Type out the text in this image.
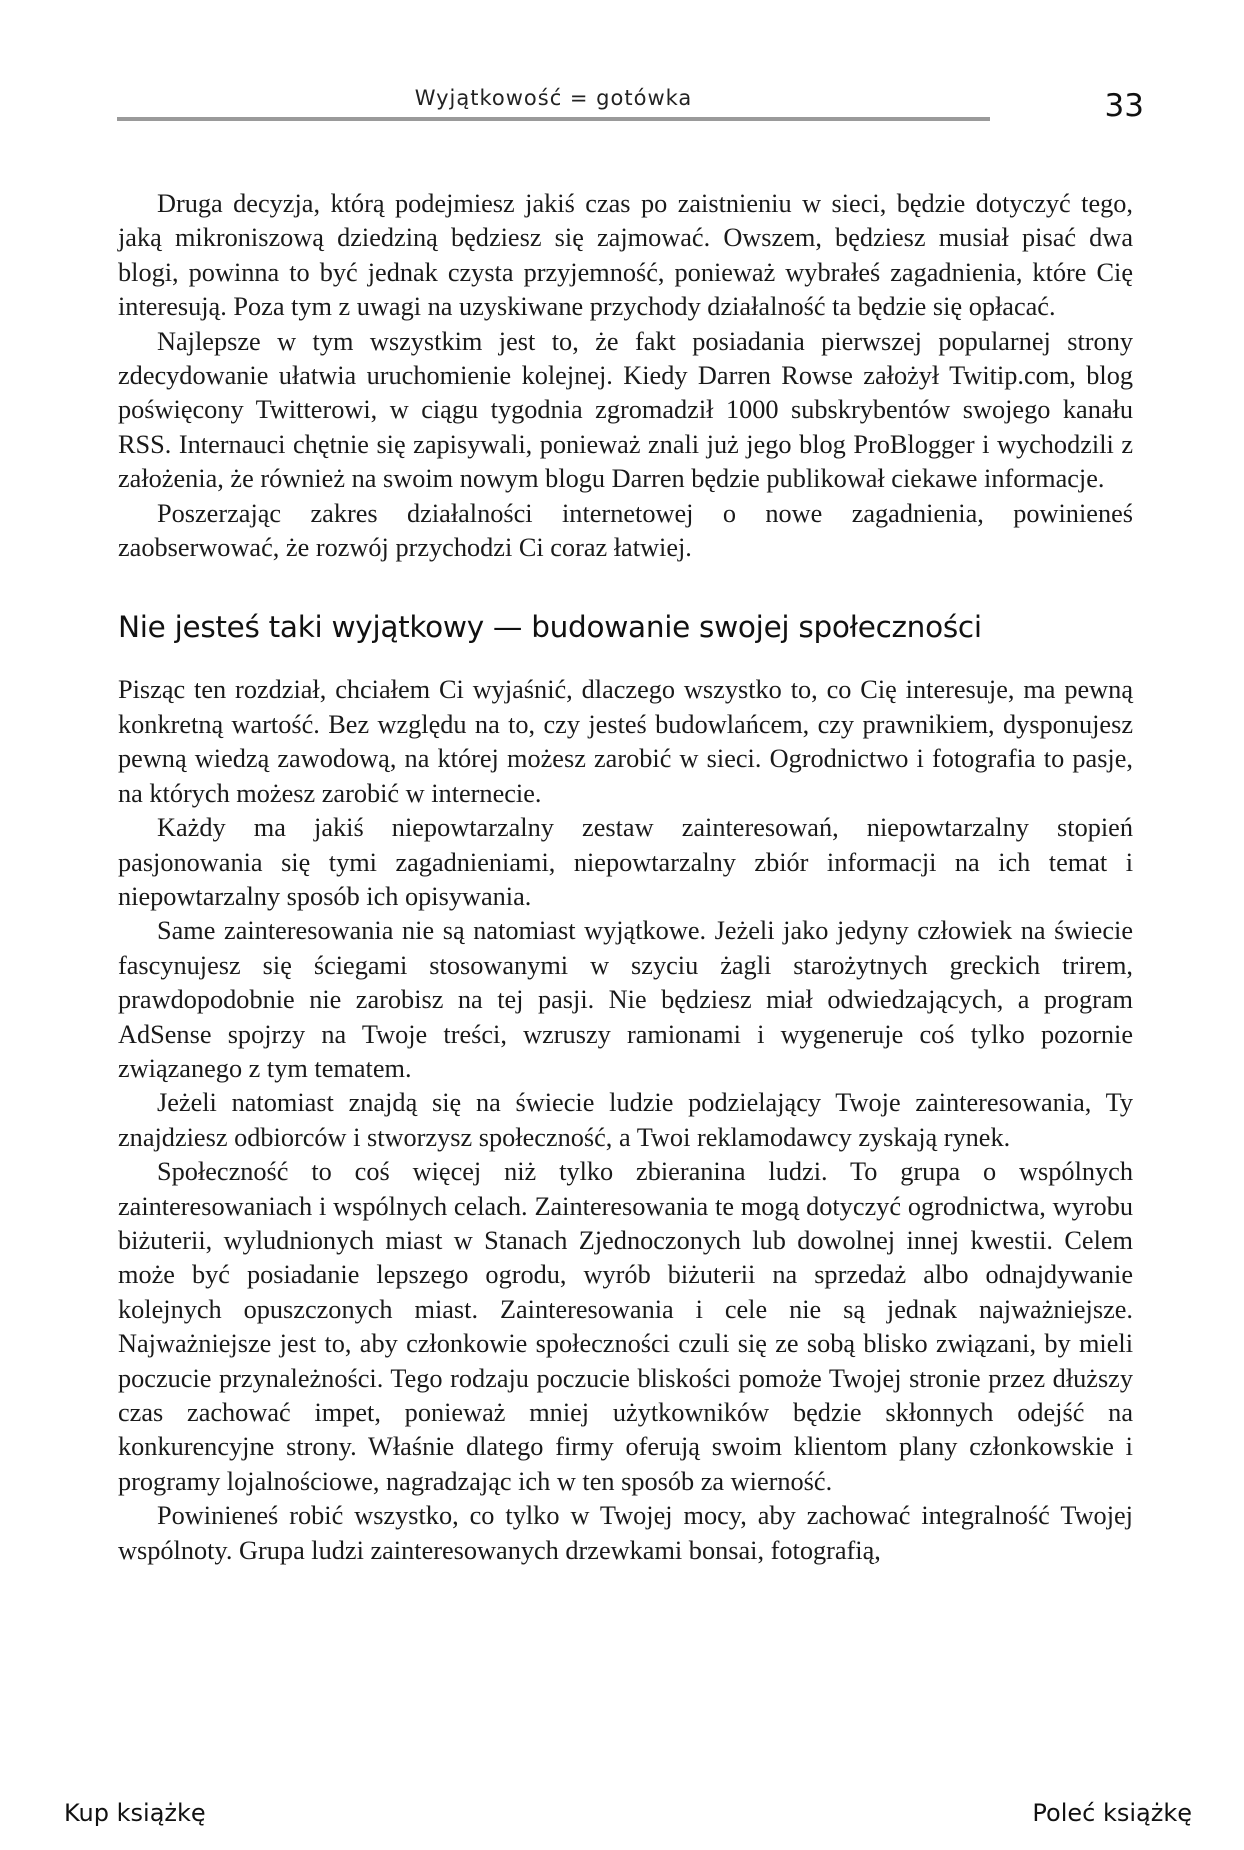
Wyjątkowość = gotówka	33

Druga decyzja, którą podejmiesz jakiś czas po zaistnieniu w sieci, będzie dotyczyć tego, jaką mikroniszową dziedziną będziesz się zajmować. Owszem, będziesz musiał pisać dwa blogi, powinna to być jednak czysta przyjemność, ponieważ wybrałeś zagadnienia, które Cię interesują. Poza tym z uwagi na uzyskiwane przychody działalność ta będzie się opłacać.

Najlepsze w tym wszystkim jest to, że fakt posiadania pierwszej popularnej strony zdecydowanie ułatwia uruchomienie kolejnej. Kiedy Darren Rowse założył Twitip.com, blog poświęcony Twitterowi, w ciągu tygodnia zgromadził 1000 subskrybentów swojego kanału RSS. Internauci chętnie się zapisywali, ponieważ znali już jego blog ProBlogger i wychodzili z założenia, że również na swoim nowym blogu Darren będzie publikował ciekawe informacje.

Poszerzając zakres działalności internetowej o nowe zagadnienia, powinieneś zaobserwować, że rozwój przychodzi Ci coraz łatwiej.

Nie jesteś taki wyjątkowy — budowanie swojej społeczności

Pisząc ten rozdział, chciałem Ci wyjaśnić, dlaczego wszystko to, co Cię interesuje, ma pewną konkretną wartość. Bez względu na to, czy jesteś budowlańcem, czy prawnikiem, dysponujesz pewną wiedzą zawodową, na której możesz zarobić w sieci. Ogrodnictwo i fotografia to pasje, na których możesz zarobić w internecie.

Każdy ma jakiś niepowtarzalny zestaw zainteresowań, niepowtarzalny stopień pasjonowania się tymi zagadnieniami, niepowtarzalny zbiór informacji na ich temat i niepowtarzalny sposób ich opisywania.

Same zainteresowania nie są natomiast wyjątkowe. Jeżeli jako jedyny człowiek na świecie fascynujesz się ściegami stosowanymi w szyciu żagli starożytnych greckich trirem, prawdopodobnie nie zarobisz na tej pasji. Nie będziesz miał odwiedzających, a program AdSense spojrzy na Twoje treści, wzruszy ramionami i wygeneruje coś tylko pozornie związanego z tym tematem.

Jeżeli natomiast znajdą się na świecie ludzie podzielający Twoje zainteresowania, Ty znajdziesz odbiorców i stworzysz społeczność, a Twoi reklamodawcy zyskają rynek.

Społeczność to coś więcej niż tylko zbieranina ludzi. To grupa o wspólnych zainteresowaniach i wspólnych celach. Zainteresowania te mogą dotyczyć ogrodnictwa, wyrobu biżuterii, wyludnionych miast w Stanach Zjednoczonych lub dowolnej innej kwestii. Celem może być posiadanie lepszego ogrodu, wyrób biżuterii na sprzedaż albo odnajdywanie kolejnych opuszczonych miast. Zainteresowania i cele nie są jednak najważniejsze. Najważniejsze jest to, aby członkowie społeczności czuli się ze sobą blisko związani, by mieli poczucie przynależności. Tego rodzaju poczucie bliskości pomoże Twojej stronie przez dłuższy czas zachować impet, ponieważ mniej użytkowników będzie skłonnych odejść na konkurencyjne strony. Właśnie dlatego firmy oferują swoim klientom plany członkowskie i programy lojalnościowe, nagradzając ich w ten sposób za wierność.

Powinieneś robić wszystko, co tylko w Twojej mocy, aby zachować integralność Twojej wspólnoty. Grupa ludzi zainteresowanych drzewkami bonsai, fotografią,

Kup książkę	Poleć książkę
